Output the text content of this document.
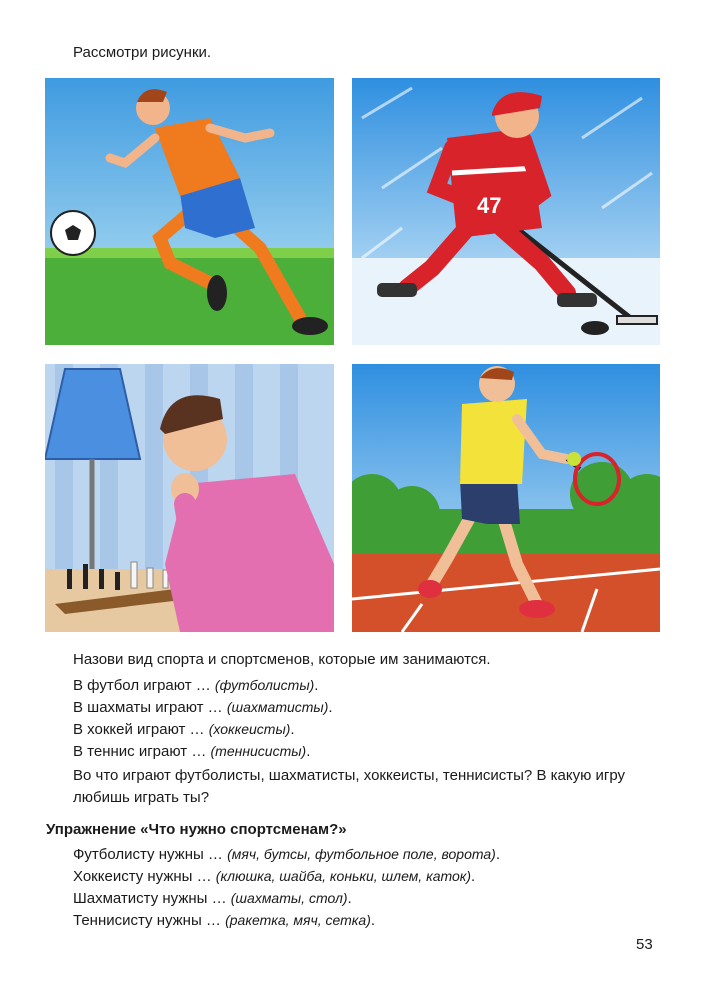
Рассмотри рисунки.
47
Назови вид спорта и спортсменов, которые им занимаются.
В футбол играют … (футболисты).
В шахматы играют … (шахматисты).
В хоккей играют … (хоккеисты).
В теннис играют … (теннисисты).
Во что играют футболисты, шахматисты, хоккеисты, теннисисты? В какую игру любишь играть ты?
Упражнение «Что нужно спортсменам?»
Футболисту нужны … (мяч, бутсы, футбольное поле, ворота).
Хоккеисту нужны … (клюшка, шайба, коньки, шлем, каток).
Шахматисту нужны … (шахматы, стол).
Теннисисту нужны … (ракетка, мяч, сетка).
53
